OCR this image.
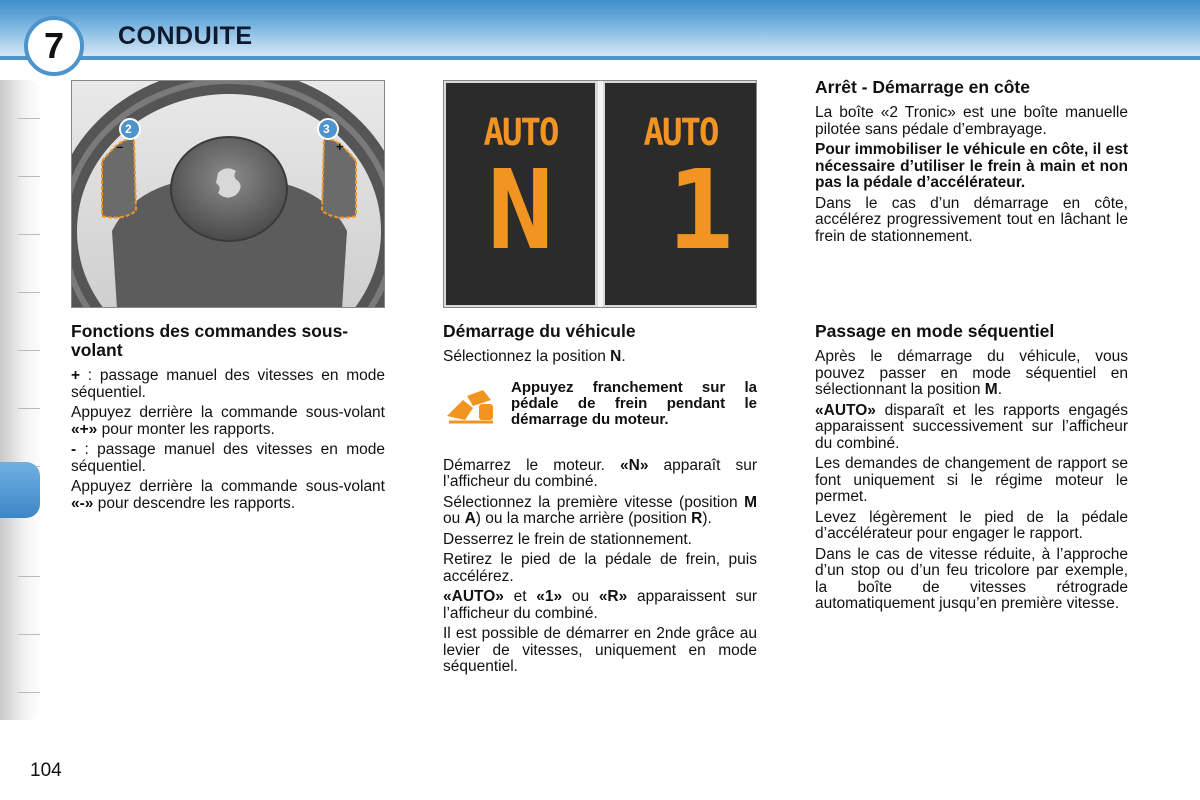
7	CONDUITE
2	3
–	+	AUTO
N
AUTO
1
Fonctions des commandes sous-volant

+ : passage manuel des vitesses en mode séquentiel.

Appuyez derrière la commande sous-volant «+» pour monter les rapports.

- : passage manuel des vitesses en mode séquentiel.

Appuyez derrière la commande sous-volant «-» pour descendre les rapports.

Démarrage du véhicule

Sélectionnez la position N.

Appuyez franchement sur la pédale de frein pendant le démarrage du moteur.

Démarrez le moteur. «N» apparaît sur l’afficheur du combiné.

Sélectionnez la première vitesse (position M ou A) ou la marche arrière (position R).

Desserrez le frein de stationnement.

Retirez le pied de la pédale de frein, puis accélérez.

«AUTO» et «1» ou «R» apparaissent sur l’afficheur du combiné.

Il est possible de démarrer en 2nde grâce au levier de vitesses, uniquement en mode séquentiel.

Arrêt - Démarrage en côte

La boîte «2 Tronic» est une boîte manuelle pilotée sans pédale d’embrayage.

Pour immobiliser le véhicule en côte, il est nécessaire d’utiliser le frein à main et non pas la pédale d’accélérateur.

Dans le cas d’un démarrage en côte, accélérez progressivement tout en lâchant le frein de stationnement.

Passage en mode séquentiel

Après le démarrage du véhicule, vous pouvez passer en mode séquentiel en sélectionnant la position M.

«AUTO» disparaît et les rapports engagés apparaissent successivement sur l’afficheur du combiné.

Les demandes de changement de rapport se font uniquement si le régime moteur le permet.

Levez légèrement le pied de la pédale d’accélérateur pour engager le rapport.

Dans le cas de vitesse réduite, à l’approche d’un stop ou d’un feu tricolore par exemple, la boîte de vitesses rétrograde automatiquement jusqu’en première vitesse.

104
